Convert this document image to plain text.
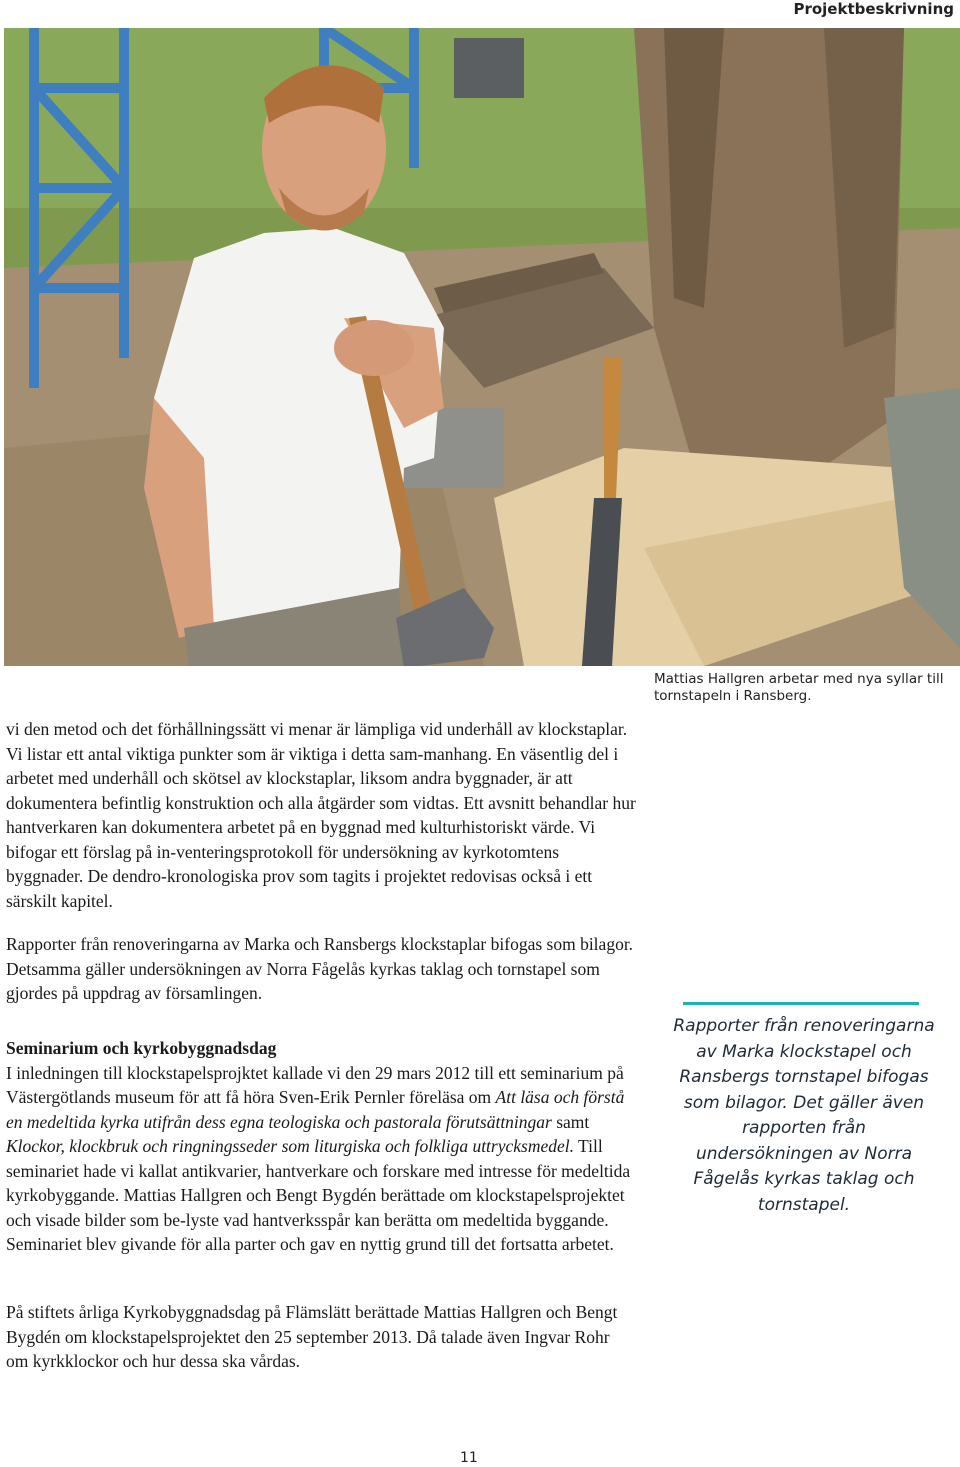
Projektbeskrivning

Mattias Hallgren arbetar med nya syllar till tornstapeln i Ransberg.

vi den metod och det förhållningssätt vi menar är lämpliga vid underhåll av klockstaplar. Vi listar ett antal viktiga punkter som är viktiga i detta sam-manhang. En väsentlig del i arbetet med underhåll och skötsel av klockstaplar, liksom andra byggnader, är att dokumentera befintlig konstruktion och alla åtgärder som vidtas. Ett avsnitt behandlar hur hantverkaren kan dokumentera arbetet på en byggnad med kulturhistoriskt värde. Vi bifogar ett förslag på in-venteringsprotokoll för undersökning av kyrkotomtens byggnader. De dendro-kronologiska prov som tagits i projektet redovisas också i ett särskilt kapitel.

Rapporter från renoveringarna av Marka och Ransbergs klockstaplar bifogas som bilagor. Detsamma gäller undersökningen av Norra Fågelås kyrkas taklag och tornstapel som gjordes på uppdrag av församlingen.

Seminarium och kyrkobyggnadsdag
I inledningen till klockstapelsprojktet kallade vi den 29 mars 2012 till ett seminarium på Västergötlands museum för att få höra Sven-Erik Pernler föreläsa om Att läsa och förstå en medeltida kyrka utifrån dess egna teologiska och pastorala förutsättningar samt Klockor, klockbruk och ringningsseder som liturgiska och folkliga uttrycksmedel. Till seminariet hade vi kallat antikvarier, hantverkare och forskare med intresse för medeltida kyrkobyggande. Mattias Hallgren och Bengt Bygdén berättade om klockstapelsprojektet och visade bilder som be-lyste vad hantverksspår kan berätta om medeltida byggande. Seminariet blev givande för alla parter och gav en nyttig grund till det fortsatta arbetet.

På stiftets årliga Kyrkobyggnadsdag på Flämslätt berättade Mattias Hallgren och Bengt Bygdén om klockstapelsprojektet den 25 september 2013. Då talade även Ingvar Rohr om kyrkklockor och hur dessa ska vårdas.

Rapporter från renoveringarna av Marka klockstapel och Ransbergs tornstapel bifogas som bilagor. Det gäller även rapporten från undersökningen av Norra Fågelås kyrkas taklag och tornstapel.

11
